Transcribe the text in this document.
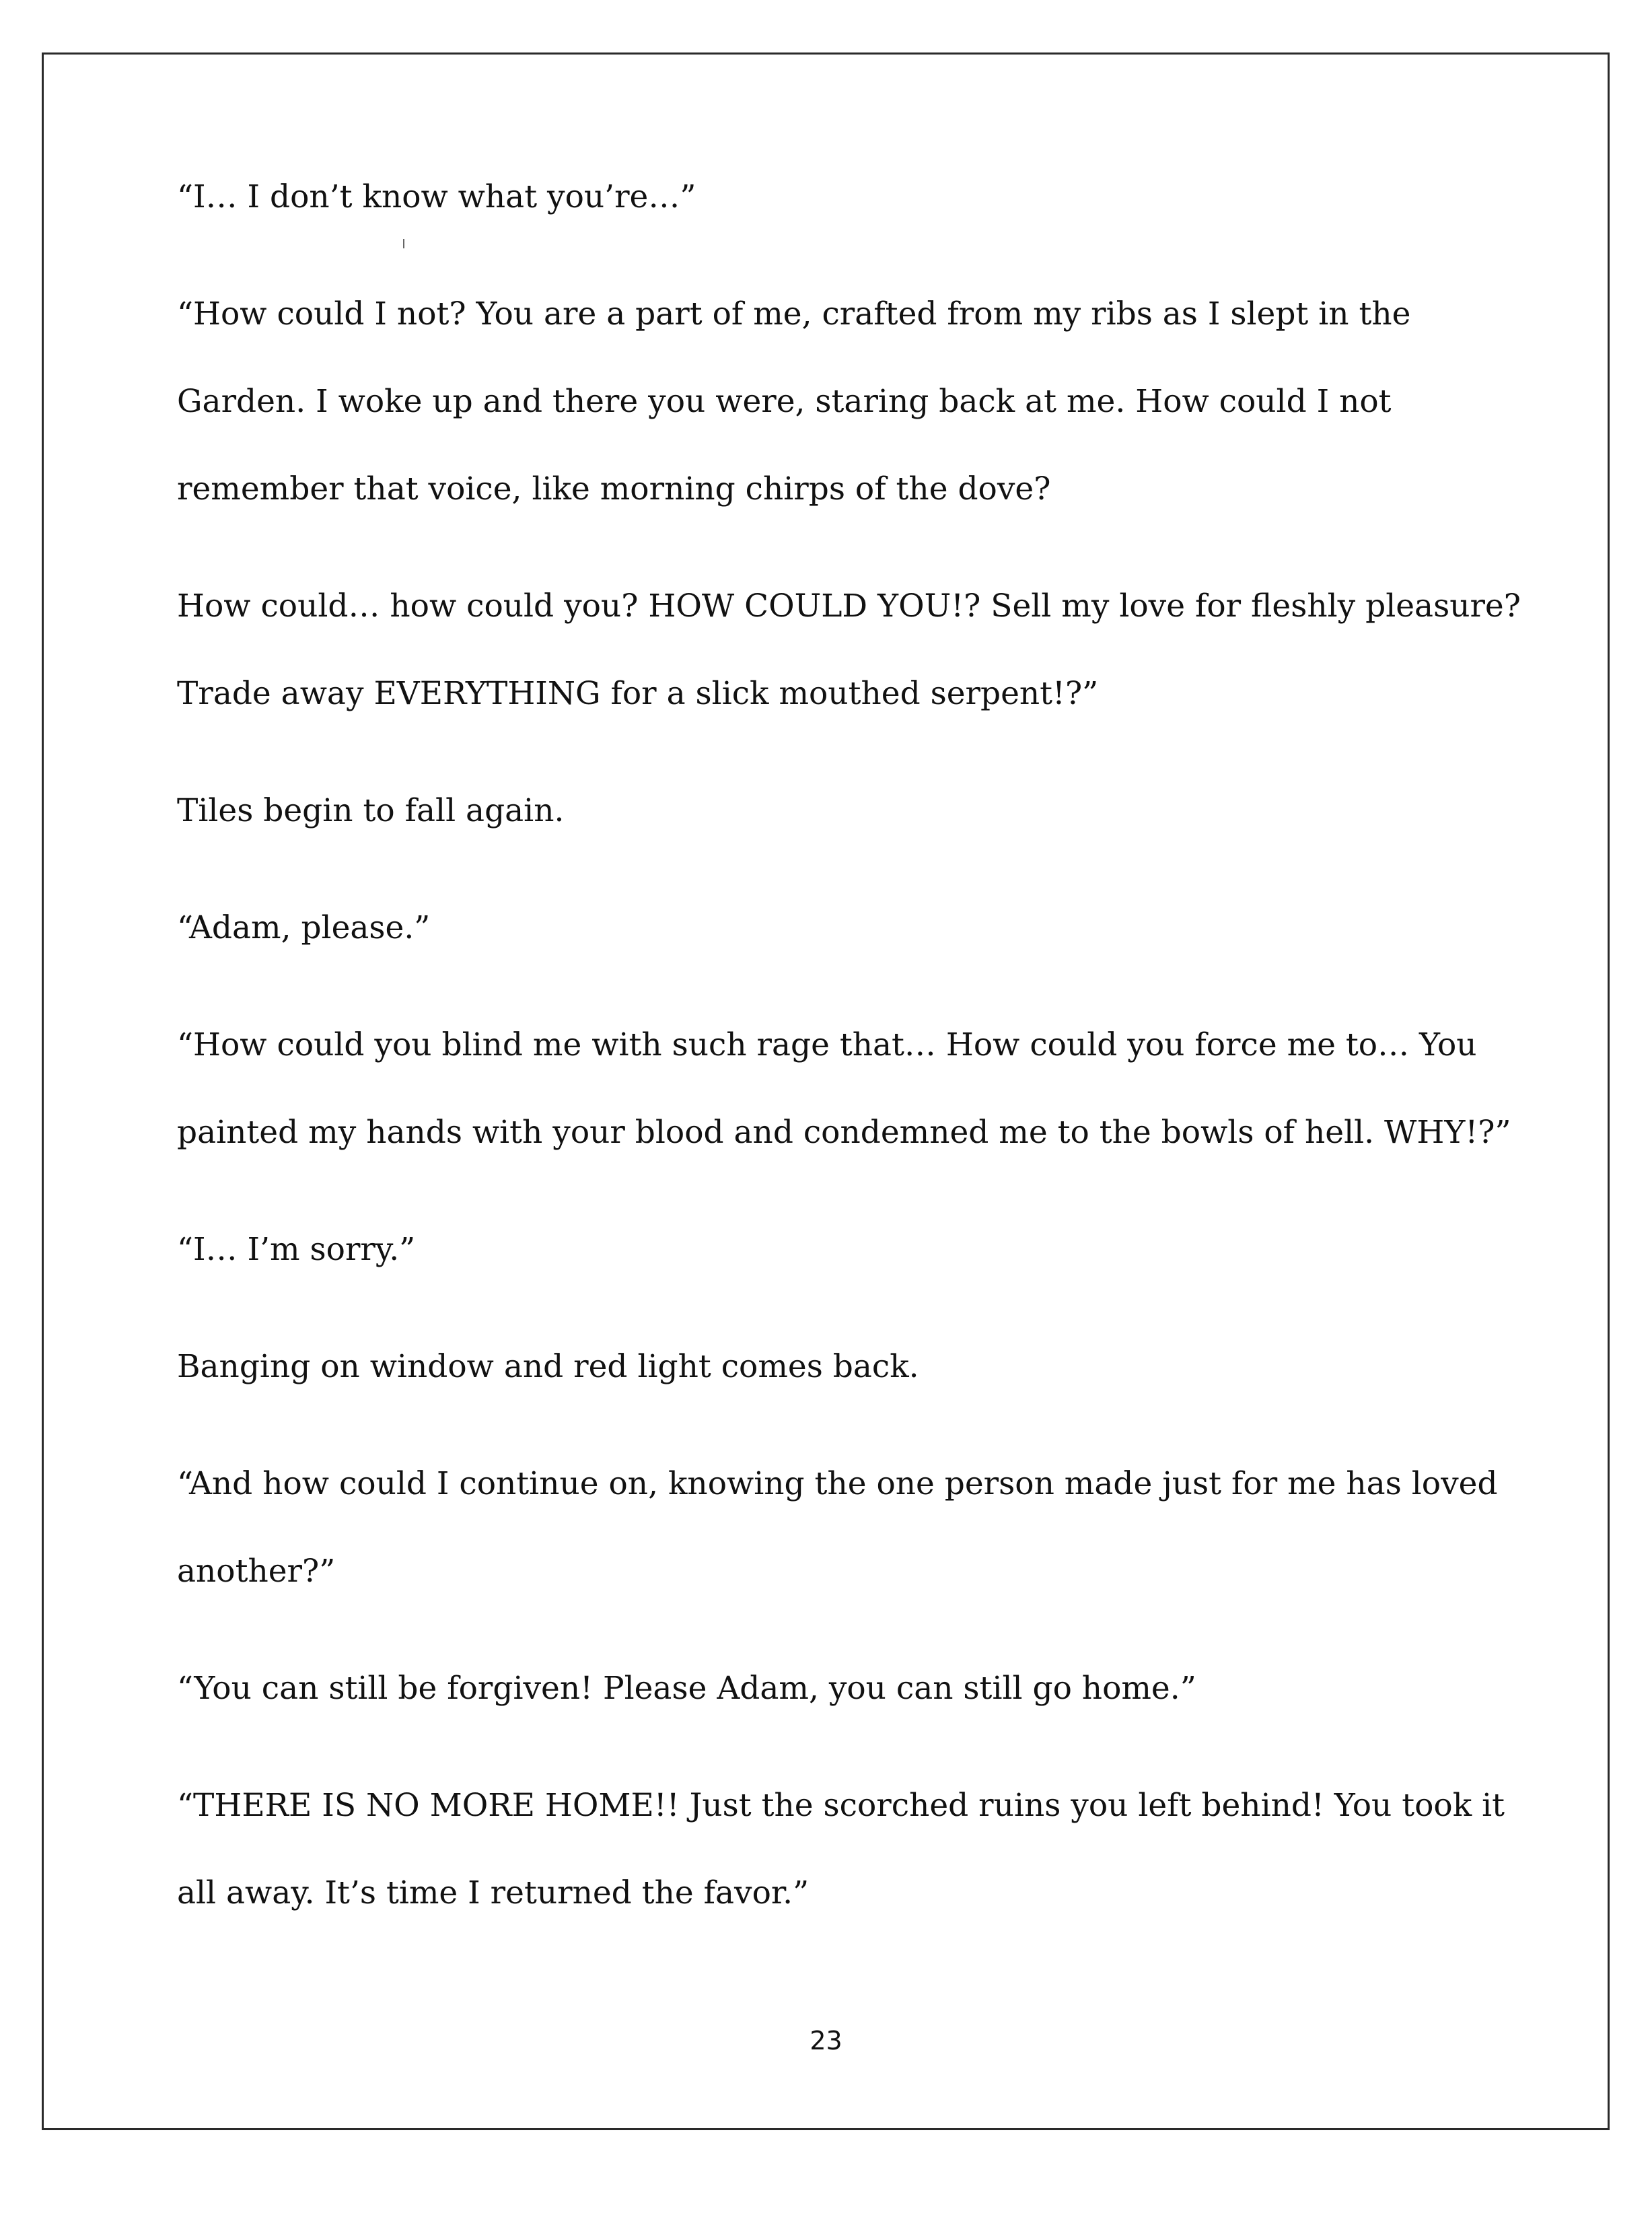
“I… I don’t know what you’re…”

“How could I not? You are a part of me, crafted from my ribs as I slept in the Garden. I woke up and there you were, staring back at me. How could I not remember that voice, like morning chirps of the dove?

How could… how could you? HOW COULD YOU!? Sell my love for fleshly pleasure? Trade away EVERYTHING for a slick mouthed serpent!?”

Tiles begin to fall again.

“Adam, please.”

“How could you blind me with such rage that… How could you force me to… You painted my hands with your blood and condemned me to the bowls of hell. WHY!?”

“I… I’m sorry.”

Banging on window and red light comes back.

“And how could I continue on, knowing the one person made just for me has loved another?”

“You can still be forgiven! Please Adam, you can still go home.”

“THERE IS NO MORE HOME!! Just the scorched ruins you left behind! You took it all away. It’s time I returned the favor.”

23
